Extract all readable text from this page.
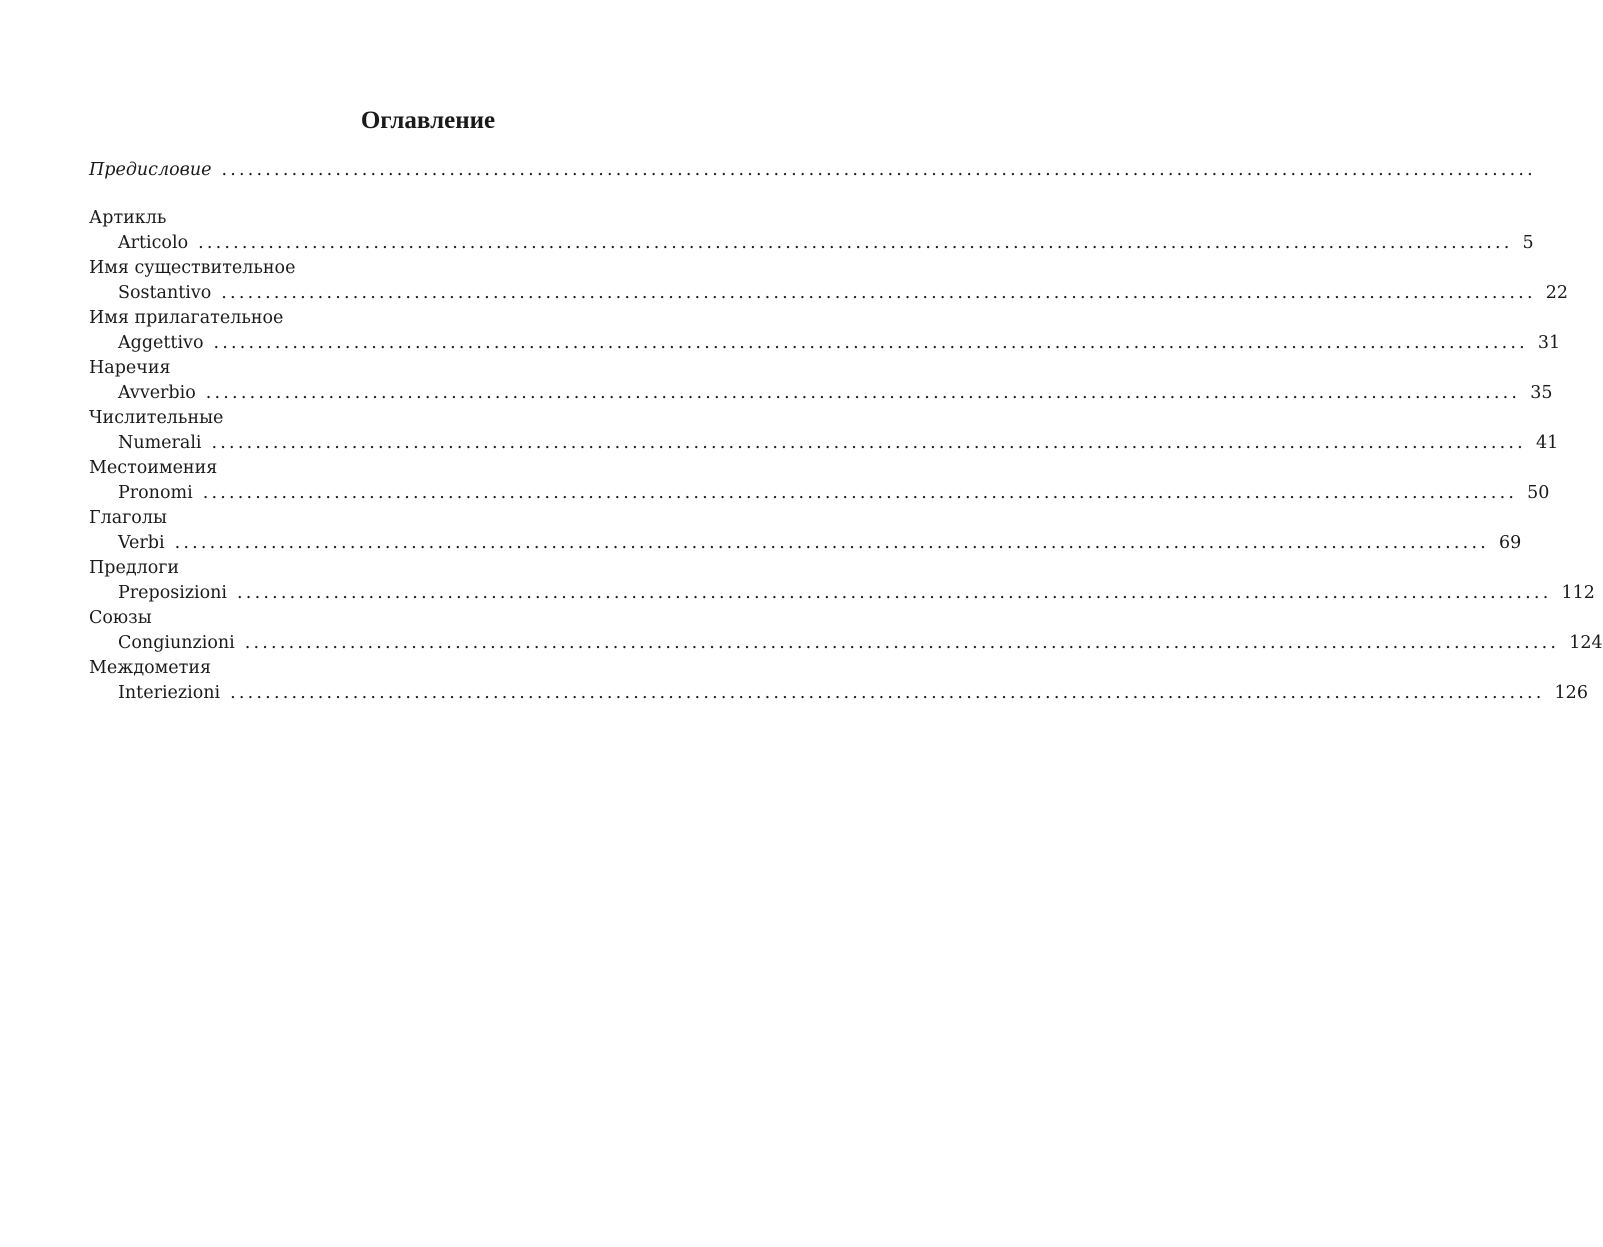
Оглавление
Предисловие ......................................................................................................................................................
Артикль
Articolo ...................................................................................................................................................... 5
Имя существительное
Sostantivo ...................................................................................................................................................... 22
Имя прилагательное
Aggettivo ...................................................................................................................................................... 31
Наречия
Avverbio ...................................................................................................................................................... 35
Числительные
Numerali ...................................................................................................................................................... 41
Местоимения
Pronomi ...................................................................................................................................................... 50
Глаголы
Verbi ...................................................................................................................................................... 69
Предлоги
Preposizioni ...................................................................................................................................................... 112
Союзы
Congiunzioni ...................................................................................................................................................... 124
Междометия
Interiezioni ...................................................................................................................................................... 126
